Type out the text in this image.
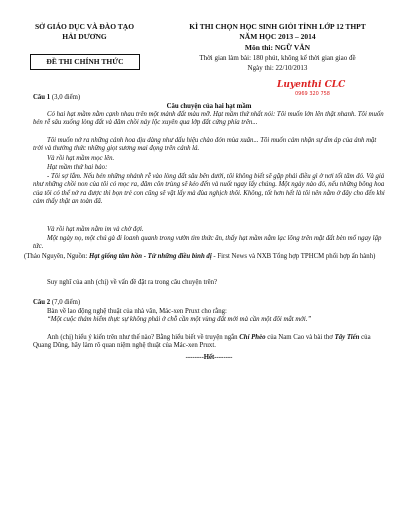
SỞ GIÁO DỤC VÀ ĐÀO TẠO
HẢI DƯƠNG
ĐỀ THI CHÍNH THỨC
KÌ THI CHỌN HỌC SINH GIỎI TỈNH LỚP 12 THPT
NĂM HỌC 2013 – 2014
Môn thi: NGỮ VĂN
Thời gian làm bài: 180 phút, không kể thời gian giao đề
Ngày thi: 22/10/2013
Luyenthi CLC
0969 320 758
Câu 1 (3,0 điểm)
Câu chuyện của hai hạt mầm
Có hai hạt mầm nằm cạnh nhau trên một mảnh đất màu mỡ. Hạt mầm thứ nhất nói: Tôi muốn lớn lên thật nhanh. Tôi muốn bén rễ sâu xuống lòng đất và đâm chồi nảy lộc xuyên qua lớp đất cứng phía trên...
Tôi muốn nở ra những cánh hoa dịu dàng như dấu hiệu chào đón mùa xuân... Tôi muốn cảm nhận sự ấm áp của ánh mặt trời và thưởng thức những giọt sương mai đọng trên cánh lá.
Và rồi hạt mầm mọc lên.
Hạt mầm thứ hai bảo:
- Tôi sợ lắm. Nếu bén những nhánh rễ vào lòng đất sâu bên dưới, tôi không biết sẽ gặp phải điều gì ở nơi tối tăm đó. Và giả như những chồi non của tôi có mọc ra, đâm côn trùng sẽ kéo đến và nuốt ngay lấy chúng. Một ngày nào đó, nếu những bông hoa của tôi có thể nở ra được thì bọn trẻ con cũng sẽ vặt lấy mà đùa nghịch thôi. Không, tốt hơn hết là tôi nên nằm ở đây cho đến khi cảm thấy thật an toàn đã.
Và rồi hạt mầm nằm im và chờ đợi.
Một ngày nọ, một chú gà đi loanh quanh trong vườn tìm thức ăn, thấy hạt mầm nằm lạc lõng trên mặt đất bèn mổ ngay lập tức.
(Thảo Nguyên, Nguồn: Hạt giống tâm hồn - Từ những điều bình dị - First News và NXB Tổng hợp TPHCM phối hợp ấn hành)
Suy nghĩ của anh (chị) về vấn đề đặt ra trong câu chuyện trên?
Câu 2 (7,0 điểm)
Bàn về lao động nghệ thuật của nhà văn, Mác-xen Pruxt cho rằng:
“Một cuộc thám hiểm thực sự không phải ở chỗ cần một vùng đất mới mà cần một đôi mắt mới.”
Anh (chị) hiểu ý kiến trên như thế nào? Bằng hiểu biết về truyện ngắn Chí Phèo của Nam Cao và bài thơ Tây Tiến của Quang Dũng, hãy làm rõ quan niệm nghệ thuật của Mác-xen Pruxt.
--------Hết--------
